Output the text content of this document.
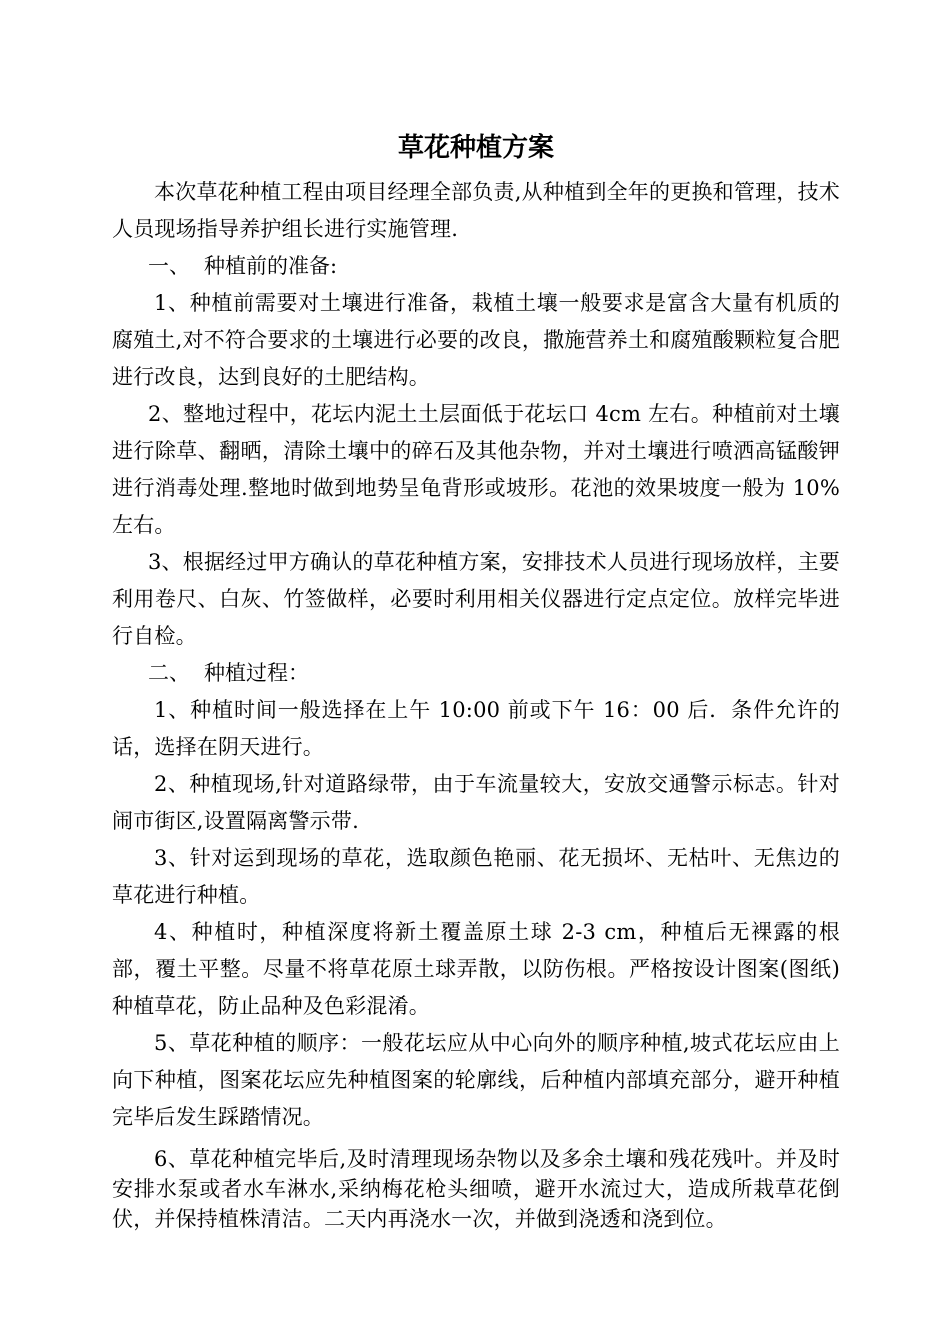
草花种植方案

本次草花种植工程由项目经理全部负责,从种植到全年的更换和管理，技术人员现场指导养护组长进行实施管理.

一、 种植前的准备:

1、种植前需要对土壤进行准备，栽植土壤一般要求是富含大量有机质的腐殖土,对不符合要求的土壤进行必要的改良，撒施营养土和腐殖酸颗粒复合肥进行改良，达到良好的土肥结构。

2、整地过程中，花坛内泥土土层面低于花坛口 4cm 左右。种植前对土壤进行除草、翻晒，清除土壤中的碎石及其他杂物，并对土壤进行喷洒高锰酸钾进行消毒处理.整地时做到地势呈龟背形或坡形。花池的效果坡度一般为 10%左右。

3、根据经过甲方确认的草花种植方案，安排技术人员进行现场放样，主要利用卷尺、白灰、竹签做样，必要时利用相关仪器进行定点定位。放样完毕进行自检。

二、 种植过程：

1、种植时间一般选择在上午 10:00 前或下午 16：00 后．条件允许的话，选择在阴天进行。

2、种植现场,针对道路绿带，由于车流量较大，安放交通警示标志。针对闹市街区,设置隔离警示带.

3、针对运到现场的草花，选取颜色艳丽、花无损坏、无枯叶、无焦边的草花进行种植。

4、种植时，种植深度将新土覆盖原土球 2-3 cm，种植后无裸露的根部，覆土平整。尽量不将草花原土球弄散，以防伤根。严格按设计图案(图纸)种植草花，防止品种及色彩混淆。

5、草花种植的顺序：一般花坛应从中心向外的顺序种植,坡式花坛应由上向下种植，图案花坛应先种植图案的轮廓线，后种植内部填充部分，避开种植完毕后发生踩踏情况。

6、草花种植完毕后,及时清理现场杂物以及多余土壤和残花残叶。并及时安排水泵或者水车淋水,采纳梅花枪头细喷，避开水流过大，造成所栽草花倒伏，并保持植株清洁。二天内再浇水一次，并做到浇透和浇到位。
